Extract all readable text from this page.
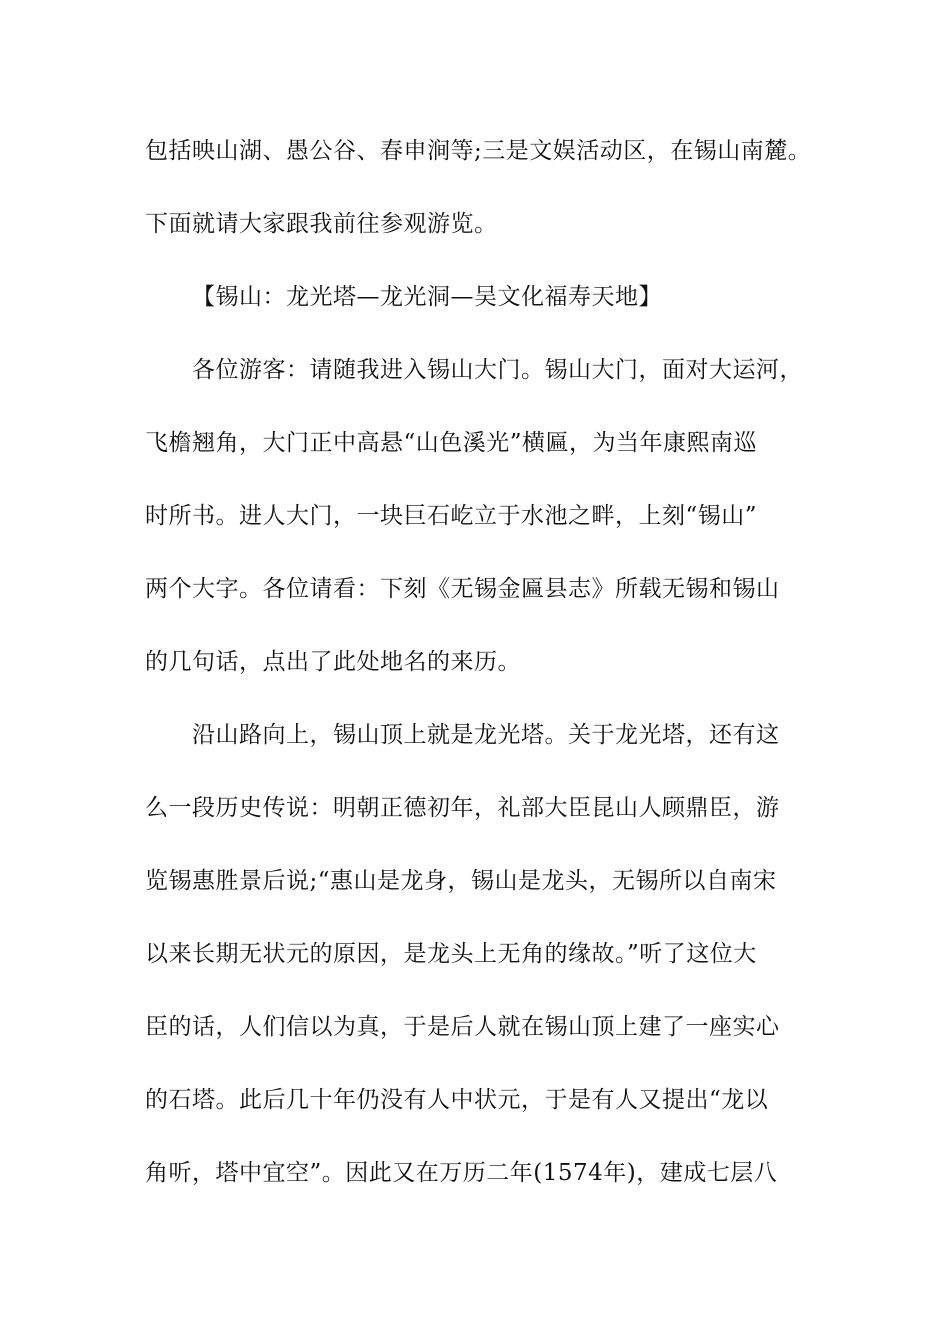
包括映山湖、愚公谷、春申涧等;三是文娱活动区，在锡山南麓。
下面就请大家跟我前往参观游览。
【锡山：龙光塔—龙光洞—吴文化福寿天地】
各位游客：请随我进入锡山大门。锡山大门，面对大运河，
飞檐翘角，大门正中高悬“山色溪光”横匾，为当年康熙南巡
时所书。进人大门，一块巨石屹立于水池之畔，上刻“锡山”
两个大字。各位请看：下刻《无锡金匾县志》所载无锡和锡山
的几句话，点出了此处地名的来历。
沿山路向上，锡山顶上就是龙光塔。关于龙光塔，还有这
么一段历史传说：明朝正德初年，礼部大臣昆山人顾鼎臣，游
览锡惠胜景后说;“惠山是龙身，锡山是龙头，无锡所以自南宋
以来长期无状元的原因，是龙头上无角的缘故。”听了这位大
臣的话，人们信以为真，于是后人就在锡山顶上建了一座实心
的石塔。此后几十年仍没有人中状元，于是有人又提出“龙以
角听，塔中宜空”。因此又在万历二年(1574年)，建成七层八
